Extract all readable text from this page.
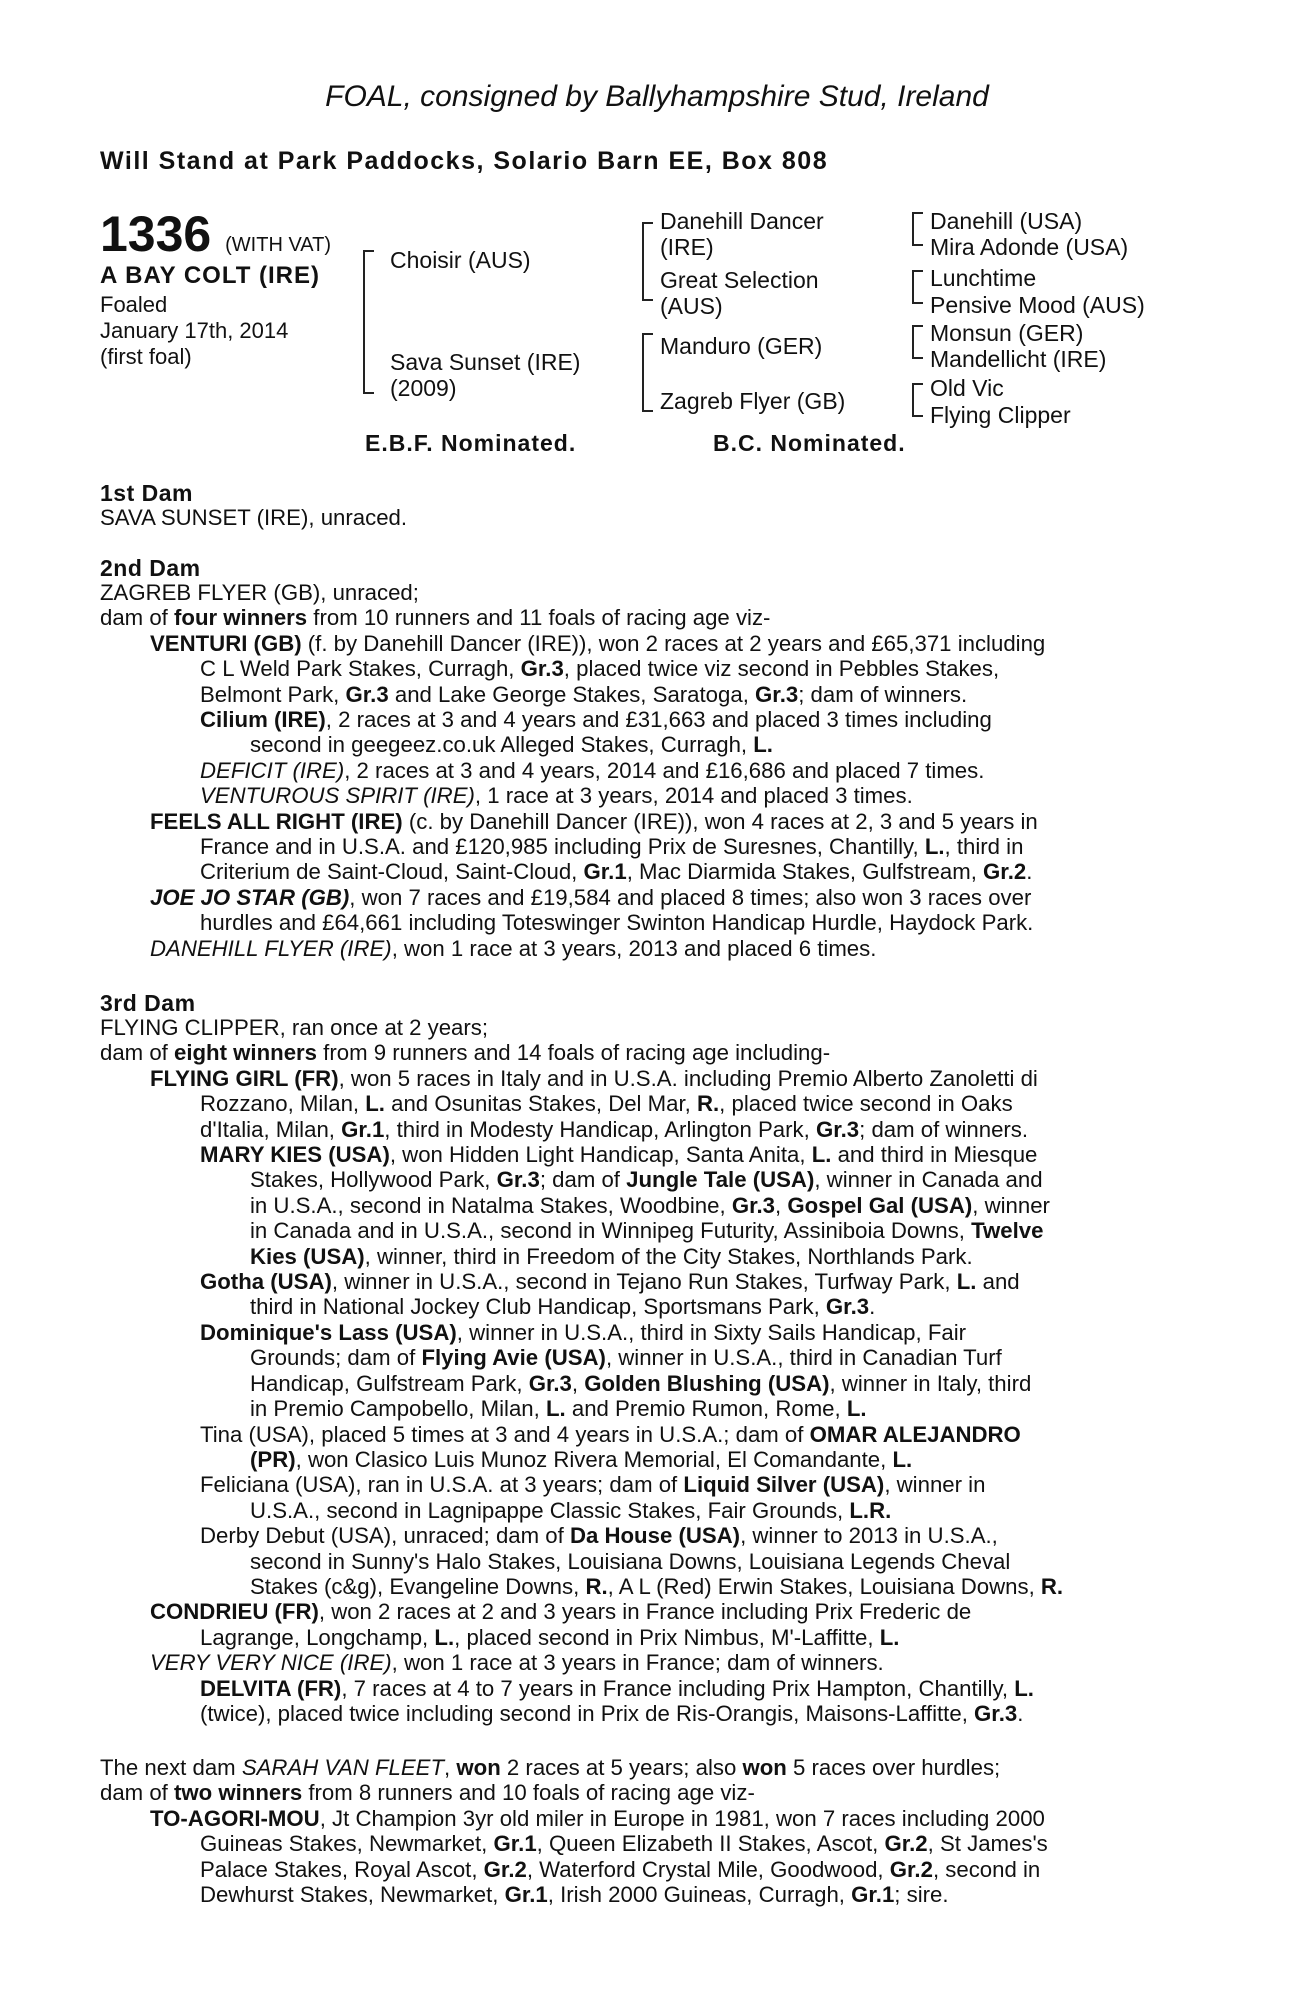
FOAL, consigned by Ballyhampshire Stud, Ireland
Will Stand at Park Paddocks, Solario Barn EE, Box 808
1336 (WITH VAT)
A BAY COLT (IRE)
Foaled
January 17th, 2014
(first foal)
Choisir (AUS)
Sava Sunset (IRE)
(2009)
Danehill Dancer
(IRE)
Great Selection
(AUS)
Manduro (GER)
Zagreb Flyer (GB)
Danehill (USA)
Mira Adonde (USA)
Lunchtime
Pensive Mood (AUS)
Monsun (GER)
Mandellicht (IRE)
Old Vic
Flying Clipper
E.B.F. Nominated.	B.C. Nominated.
1st Dam
SAVA SUNSET (IRE), unraced.
2nd Dam
ZAGREB FLYER (GB), unraced;
dam of four winners from 10 runners and 11 foals of racing age viz-
VENTURI (GB) (f. by Danehill Dancer (IRE)), won 2 races at 2 years and £65,371 including
C L Weld Park Stakes, Curragh, Gr.3, placed twice viz second in Pebbles Stakes,
Belmont Park, Gr.3 and Lake George Stakes, Saratoga, Gr.3; dam of winners.
Cilium (IRE), 2 races at 3 and 4 years and £31,663 and placed 3 times including
second in geegeez.co.uk Alleged Stakes, Curragh, L.
DEFICIT (IRE), 2 races at 3 and 4 years, 2014 and £16,686 and placed 7 times.
VENTUROUS SPIRIT (IRE), 1 race at 3 years, 2014 and placed 3 times.
FEELS ALL RIGHT (IRE) (c. by Danehill Dancer (IRE)), won 4 races at 2, 3 and 5 years in
France and in U.S.A. and £120,985 including Prix de Suresnes, Chantilly, L., third in
Criterium de Saint-Cloud, Saint-Cloud, Gr.1, Mac Diarmida Stakes, Gulfstream, Gr.2.
JOE JO STAR (GB), won 7 races and £19,584 and placed 8 times; also won 3 races over
hurdles and £64,661 including Toteswinger Swinton Handicap Hurdle, Haydock Park.
DANEHILL FLYER (IRE), won 1 race at 3 years, 2013 and placed 6 times.
3rd Dam
FLYING CLIPPER, ran once at 2 years;
dam of eight winners from 9 runners and 14 foals of racing age including-
FLYING GIRL (FR), won 5 races in Italy and in U.S.A. including Premio Alberto Zanoletti di
Rozzano, Milan, L. and Osunitas Stakes, Del Mar, R., placed twice second in Oaks
d'Italia, Milan, Gr.1, third in Modesty Handicap, Arlington Park, Gr.3; dam of winners.
MARY KIES (USA), won Hidden Light Handicap, Santa Anita, L. and third in Miesque
Stakes, Hollywood Park, Gr.3; dam of Jungle Tale (USA), winner in Canada and
in U.S.A., second in Natalma Stakes, Woodbine, Gr.3, Gospel Gal (USA), winner
in Canada and in U.S.A., second in Winnipeg Futurity, Assiniboia Downs, Twelve
Kies (USA), winner, third in Freedom of the City Stakes, Northlands Park.
Gotha (USA), winner in U.S.A., second in Tejano Run Stakes, Turfway Park, L. and
third in National Jockey Club Handicap, Sportsmans Park, Gr.3.
Dominique's Lass (USA), winner in U.S.A., third in Sixty Sails Handicap, Fair
Grounds; dam of Flying Avie (USA), winner in U.S.A., third in Canadian Turf
Handicap, Gulfstream Park, Gr.3, Golden Blushing (USA), winner in Italy, third
in Premio Campobello, Milan, L. and Premio Rumon, Rome, L.
Tina (USA), placed 5 times at 3 and 4 years in U.S.A.; dam of OMAR ALEJANDRO
(PR), won Clasico Luis Munoz Rivera Memorial, El Comandante, L.
Feliciana (USA), ran in U.S.A. at 3 years; dam of Liquid Silver (USA), winner in
U.S.A., second in Lagnipappe Classic Stakes, Fair Grounds, L.R.
Derby Debut (USA), unraced; dam of Da House (USA), winner to 2013 in U.S.A.,
second in Sunny's Halo Stakes, Louisiana Downs, Louisiana Legends Cheval
Stakes (c&g), Evangeline Downs, R., A L (Red) Erwin Stakes, Louisiana Downs, R.
CONDRIEU (FR), won 2 races at 2 and 3 years in France including Prix Frederic de
Lagrange, Longchamp, L., placed second in Prix Nimbus, M'-Laffitte, L.
VERY VERY NICE (IRE), won 1 race at 3 years in France; dam of winners.
DELVITA (FR), 7 races at 4 to 7 years in France including Prix Hampton, Chantilly, L.
(twice), placed twice including second in Prix de Ris-Orangis, Maisons-Laffitte, Gr.3.
The next dam SARAH VAN FLEET, won 2 races at 5 years; also won 5 races over hurdles;
dam of two winners from 8 runners and 10 foals of racing age viz-
TO-AGORI-MOU, Jt Champion 3yr old miler in Europe in 1981, won 7 races including 2000
Guineas Stakes, Newmarket, Gr.1, Queen Elizabeth II Stakes, Ascot, Gr.2, St James's
Palace Stakes, Royal Ascot, Gr.2, Waterford Crystal Mile, Goodwood, Gr.2, second in
Dewhurst Stakes, Newmarket, Gr.1, Irish 2000 Guineas, Curragh, Gr.1; sire.
